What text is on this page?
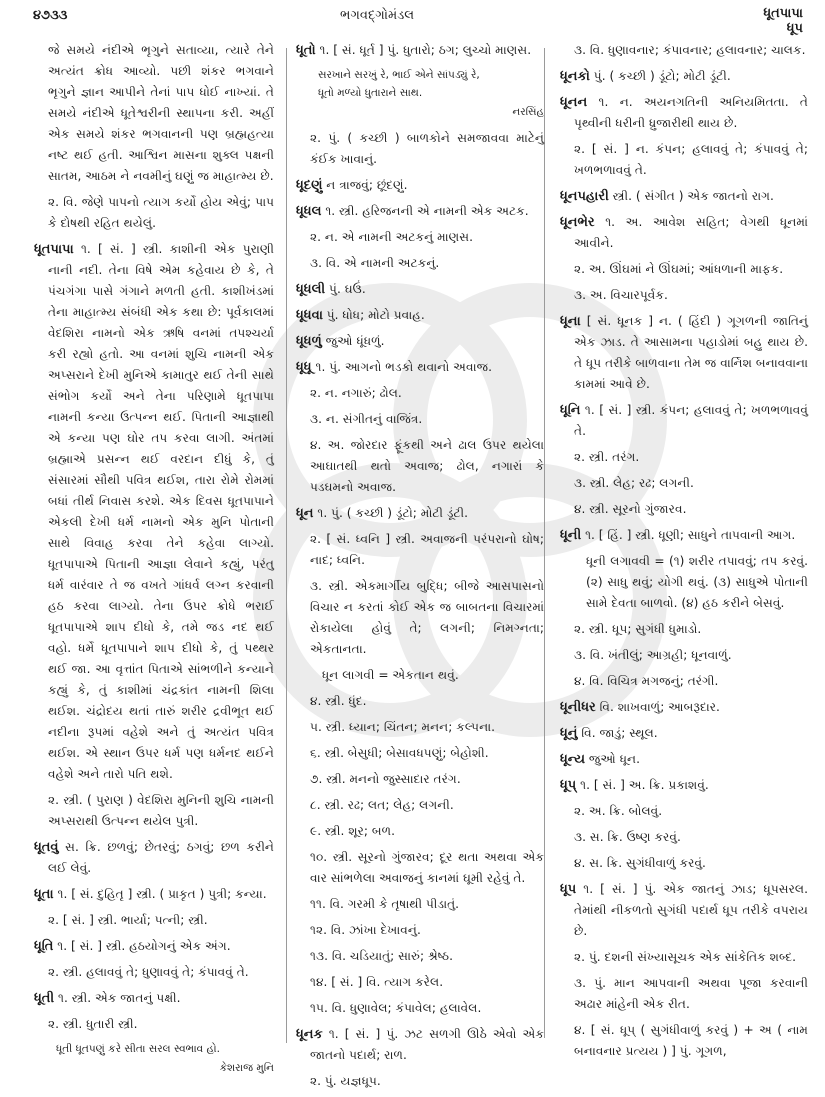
૪૭૩૩	ભગવદ્ગોમંડલ	ધૂતપાપા
ધૂપ
જે સમયે નંદીએ ભૃગુને સતાવ્યા, ત્યારે તેને અત્યંત ક્રોધ આવ્યો. પછી શંકર ભગવાને ભૃગુને જ્ઞાન આપીને તેનાં પાપ ધોઈ નાખ્યાં. તે સમયે નંદીએ ધૂતેશ્વરીની સ્થાપના કરી. અહીં એક સમયે શંકર ભગવાનની પણ બ્રહ્મહત્યા નષ્ટ થઈ હતી. આશ્વિન માસના શુક્લ પક્ષની સાતમ, આઠમ ને નવમીનું ઘણું જ માહાત્મ્ય છે.
૨. વિ. જેણે પાપનો ત્યાગ કર્યો હોય એવું; પાપ કે દોષથી રહિત થયેલું.
ધૂતપાપા ૧. [ સં. ] સ્ત્રી. કાશીની એક પુરાણી નાની નદી. તેના વિષે એમ કહેવાય છે કે, તે પંચગંગા પાસે ગંગાને મળતી હતી. કાશીખંડમાં તેના માહાત્મ્ય સંબંધી એક કથા છે: પૂર્વકાલમાં વેદશિરા નામનો એક ઋષિ વનમાં તપશ્ચર્યા કરી રહ્યો હતો. આ વનમાં શુચિ નામની એક અપ્સરાને દેખી મુનિએ કામાતુર થઈ તેની સાથે સંભોગ કર્યો અને તેના પરિણામે ધૂતપાપા નામની કન્યા ઉત્પન્ન થઈ. પિતાની આજ્ઞાથી એ કન્યા પણ ઘોર તપ કરવા લાગી. અંતમાં બ્રહ્માએ પ્રસન્ન થઈ વરદાન દીધું કે, તું સંસારમાં સૌથી પવિત્ર થઈશ, તારા રોમે રોમમાં બધાં તીર્થ નિવાસ કરશે. એક દિવસ ધૂતપાપાને એકલી દેખી ધર્મ નામનો એક મુનિ પોતાની સાથે વિવાહ કરવા તેને કહેવા લાગ્યો. ધૂતપાપાએ પિતાની આજ્ઞા લેવાને કહ્યું, પરંતુ ધર્મ વારંવાર તે જ વખતે ગાંધર્વ લગ્ન કરવાની હઠ કરવા લાગ્યો. તેના ઉપર ક્રોધે ભરાઈ ધૂતપાપાએ શાપ દીધો કે, તમે જડ નદ થઈ વહો. ધર્મે ધૂતપાપાને શાપ દીધો કે, તું પથ્થર થઈ જા. આ વૃત્તાંત પિતાએ સાંભળીને કન્યાને કહ્યું કે, તું કાશીમાં ચંદ્રકાંત નામની શિલા થઈશ. ચંદ્રોદય થતાં તારું શરીર દ્રવીભૂત થઈ નદીના રૂપમાં વહેશે અને તું અત્યંત પવિત્ર થઈશ. એ સ્થાન ઉપર ધર્મ પણ ધર્મનદ થઈને વહેશે અને તારો પતિ થશે.
૨. સ્ત્રી. ( પુરાણ ) વેદશિરા મુનિની શુચિ નામની અપ્સરાથી ઉત્પન્ન થયેલ પુત્રી.
ધૂતવું સ. ક્રિ. છળવું; છેતરવું; ઠગવું; છળ કરીને લઈ લેવું.
ધૂતા ૧. [ સં. દુહિતૃ ] સ્ત્રી. ( પ્રાકૃત ) પુત્રી; કન્યા.
૨. [ સં. ] સ્ત્રી. ભાર્યા; પત્ની; સ્ત્રી.
ધૂતિ ૧. [ સં. ] સ્ત્રી. હઠયોગનું એક અંગ.
૨. સ્ત્રી. હલાવવું તે; ધુણાવવું તે; કંપાવવું તે.
ધૂતી ૧. સ્ત્રી. એક જાતનું પક્ષી.
૨. સ્ત્રી. ધુતારી સ્ત્રી.
ધૂતી ધૂતપણું કરે સીતા સરલ સ્વભાવ હો.
કેશરાજ મુનિ
ધૂતો ૧. [ સં. ધૂર્ત ] પું. ધુતારો; ઠગ; લુચ્ચો માણસ.
સરખાને સરખું રે, ભાઈ એને સાંપડ્યું રે,
ધૂતો મળ્યો ધુતારાને સાથ.
નરસિંહ
૨. પું. ( કચ્છી ) બાળકોને સમજાવવા માટેનું કંઈક ખાવાનું.
ધૂદણું ન ત્રાજવું; છૂંદણું.
ધૂધલ ૧. સ્ત્રી. હરિજનની એ નામની એક અટક.
૨. ન. એ નામની અટકનું માણસ.
૩. વિ. એ નામની અટકનું.
ધૂધલી પું. ઘઉં.
ધૂધવા પું. ધોધ; મોટો પ્રવાહ.
ધૂધળું જુઓ ધૂંધળું.
ધૂધૂ ૧. પું. આગનો ભડકો થવાનો અવાજ.
૨. ન. નગારું; ઢોલ.
૩. ન. સંગીતનું વાજિંત્ર.
૪. અ. જોરદાર ફૂંકથી અને ઢાલ ઉપર થયેલા આઘાતથી થતો અવાજ; ઢોલ, નગારાં કે પડઘમનો અવાજ.
ધૂન ૧. પું. ( કચ્છી ) ડૂંટો; મોટી ડૂંટી.
૨. [ સં. ધ્વનિ ] સ્ત્રી. અવાજની પરંપરાનો ઘોષ; નાદ; ધ્વનિ.
૩. સ્ત્રી. એકમાર્ગીય બુદ્ધિ; બીજે આસપાસનો વિચાર ન કરતાં કોઈ એક જ બાબતના વિચારમાં રોકાયેલા હોવું તે; લગની; નિમગ્નતા; એકતાનતા.
ધૂન લાગવી = એકતાન થવું.
૪. સ્ત્રી. ધુંદ.
૫. સ્ત્રી. ધ્યાન; ચિંતન; મનન; કલ્પના.
૬. સ્ત્રી. બેસુધી; બેસાવધપણું; બેહોશી.
૭. સ્ત્રી. મનનો જુસ્સાદાર તરંગ.
૮. સ્ત્રી. રઢ; લત; લેહ; લગની.
૯. સ્ત્રી. શૂર; બળ.
૧૦. સ્ત્રી. સૂરનો ગુંજારવ; દૂર થતા અથવા એક વાર સાંભળેલા અવાજનું કાનમાં ઘૂમી રહેવું તે.
૧૧. વિ. ગરમી કે તૃષાથી પીડાતું.
૧૨. વિ. ઝાંખા દેખાવનું.
૧૩. વિ. ચડિયાતું; સારું; શ્રેષ્ઠ.
૧૪. [ સં. ] વિ. ત્યાગ કરેલ.
૧૫. વિ. ધુણાવેલ; કંપાવેલ; હલાવેલ.
ધૂનક ૧. [ સં. ] પું. ઝટ સળગી ઊઠે એવો એક જાતનો પદાર્થ; રાળ.
૨. પું. યજ્ઞધૂપ.
૩. વિ. ધુણાવનાર; કંપાવનાર; હલાવનાર; ચાલક.
ધૂનકો પું. ( કચ્છી ) ડૂંટો; મોટી ડૂંટી.
ધૂનન ૧. ન. અયનગતિની અનિયમિતતા. તે પૃથ્વીની ધરીની ધ્રુજારીથી થાય છે.
૨. [ સં. ] ન. કંપન; હલાવવું તે; કંપાવવું તે; ખળભળાવવું તે.
ધૂનપહારી સ્ત્રી. ( સંગીત ) એક જાતનો રાગ.
ધૂનભેર ૧. અ. આવેશ સહિત; વેગથી ધૂનમાં આવીને.
૨. અ. ઊંઘમાં ને ઊંઘમાં; આંધળાની માફક.
૩. અ. વિચારપૂર્વક.
ધૂના [ સં. ધૂનક ] ન. ( હિંદી ) ગૂગળની જાતિનું એક ઝાડ. તે આસામના પહાડોમાં બહુ થાય છે. તે ધૂપ તરીકે બાળવાના તેમ જ વાર્નિશ બનાવવાના કામમાં આવે છે.
ધૂનિ ૧. [ સં. ] સ્ત્રી. કંપન; હલાવવું તે; ખળભળાવવું તે.
૨. સ્ત્રી. તરંગ.
૩. સ્ત્રી. લેહ; રઢ; લગની.
૪. સ્ત્રી. સૂરનો ગુંજારવ.
ધૂની ૧. [ હિં. ] સ્ત્રી. ધૂણી; સાધુને તાપવાની આગ.
ધૂની લગાવવી = (૧) શરીર તપાવવું; તપ કરવું. (૨) સાધુ થવું; યોગી થવું. (૩) સાધુએ પોતાની સામે દેવતા બાળવો. (૪) હઠ કરીને બેસવું.
૨. સ્ત્રી. ધૂપ; સુગંધી ધુમાડો.
૩. વિ. ખંતીલું; આગ્રહી; ધૂનવાળું.
૪. વિ. વિચિત્ર મગજનું; તરંગી.
ધૂનીધર વિ. શાખવાળું; આબરૂદાર.
ધૂનું વિ. જાડું; સ્થૂલ.
ધૂન્ય જુઓ ધૂન.
ધૂપ્ ૧. [ સં. ] અ. ક્રિ. પ્રકાશવું.
૨. અ. ક્રિ. બોલવું.
૩. સ. ક્રિ. ઉષ્ણ કરવું.
૪. સ. ક્રિ. સુગંધીવાળું કરવું.
ધૂપ ૧. [ સં. ] પું. એક જાતનું ઝાડ; ધૂપસરલ. તેમાંથી નીકળતો સુગંધી પદાર્થ ધૂપ તરીકે વપરાય છે.
૨. પું. દશની સંખ્યાસૂચક એક સાંકેતિક શબ્દ.
૩. પું. માન આપવાની અથવા પૂજા કરવાની અઢાર માંહેની એક રીત.
૪. [ સં. ધૂપ્ ( સુગંધીવાળું કરવું ) + અ ( નામ બનાવનાર પ્રત્યય ) ] પું. ગૂગળ,
